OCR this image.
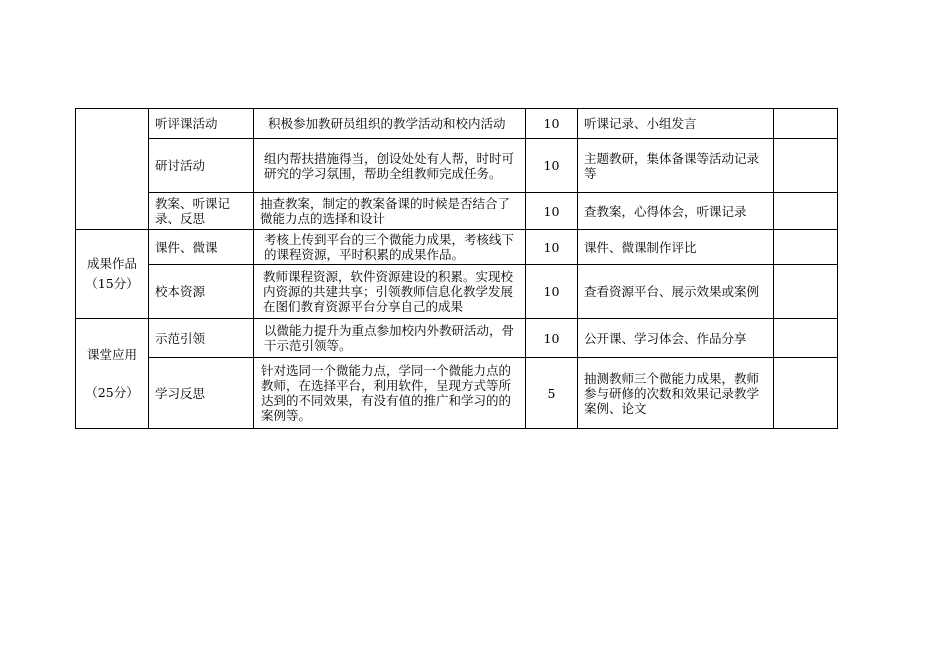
	听评课活动	积极参加教研员组织的教学活动和校内活动	10	听课记录、小组发言	
	研讨活动	组内帮扶措施得当，创设处处有人帮，时时可研究的学习氛围，帮助全组教师完成任务。	10	主题教研，集体备课等活动记录等	
	教案、听课记录、反思	抽查教案，制定的教案备课的时候是否结合了微能力点的选择和设计	10	查教案，心得体会，听课记录	

成果作品
（15分）	课件、微课	考核上传到平台的三个微能力成果，考核线下的课程资源，平时积累的成果作品。	10	课件、微课制作评比	
	校本资源	教师课程资源，软件资源建设的积累。实现校内资源的共建共享；引领教师信息化教学发展在图们教育资源平台分享自己的成果	10	查看资源平台、展示效果或案例	

课堂应用
（25分）	示范引领	以微能力提升为重点参加校内外教研活动，骨干示范引领等。	10	公开课、学习体会、作品分享	
	学习反思	针对选同一个微能力点，学同一个微能力点的教师，在选择平台，利用软件，呈现方式等所达到的不同效果，有没有值的推广和学习的的案例等。	5	抽测教师三个微能力成果，教师参与研修的次数和效果记录教学案例、论文	
